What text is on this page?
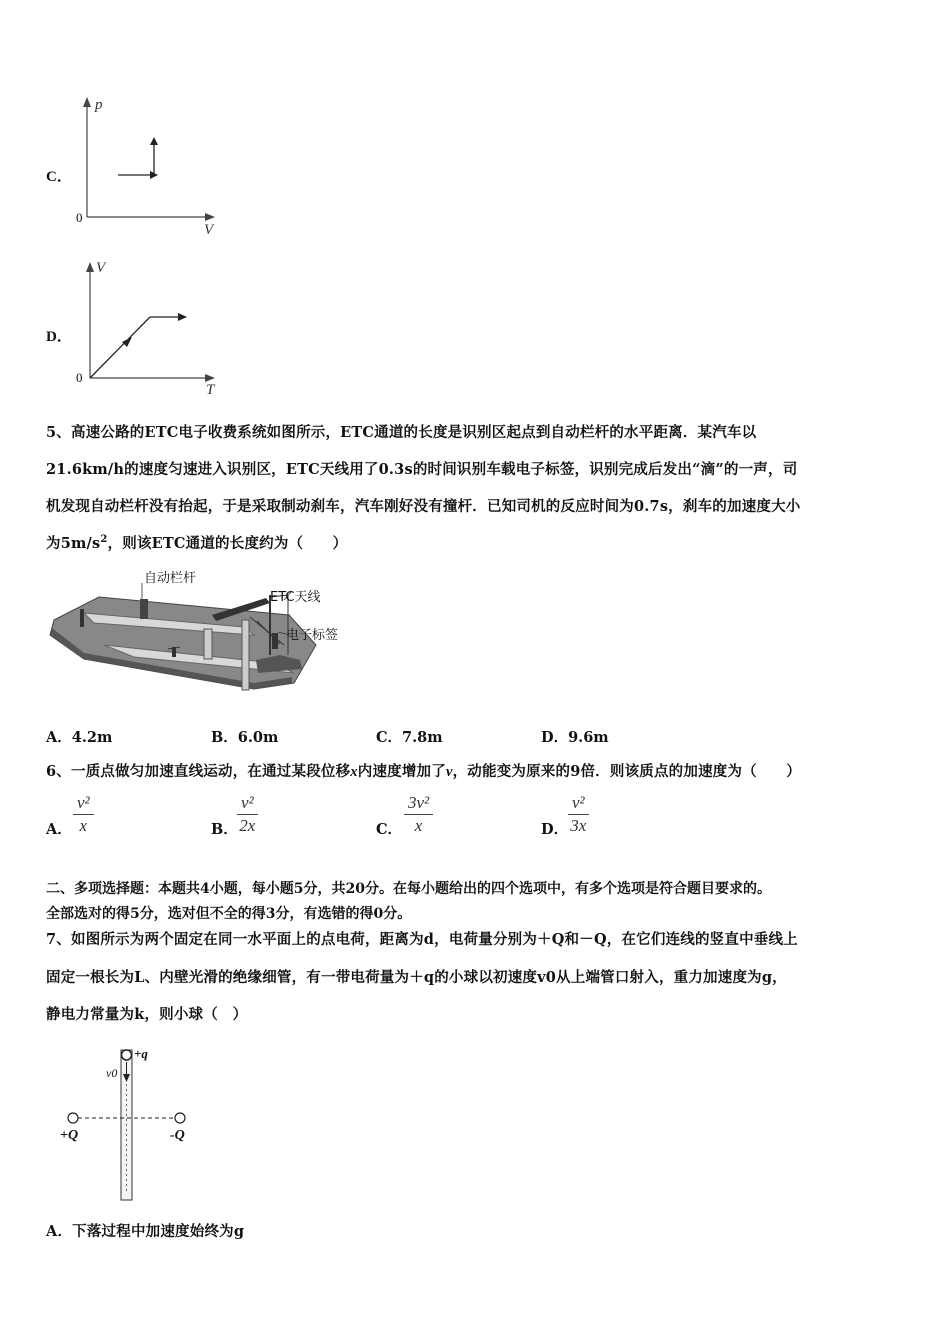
C．
p
V
0
D．
V
T
0
5、高速公路的ETC电子收费系统如图所示，ETC通道的长度是识别区起点到自动栏杆的水平距离．某汽车以
21.6km/h的速度匀速进入识别区，ETC天线用了0.3s的时间识别车载电子标签，识别完成后发出“滴”的一声，司
机发现自动栏杆没有抬起，于是采取制动刹车，汽车刚好没有撞杆．已知司机的反应时间为0.7s，刹车的加速度大小
为$5m/s^2$，则该ETC通道的长度约为（　　）
自动栏杆
ETC天线
电子标签
A．4.2m	B．6.0m	C．7.8m	D．9.6m
6、一质点做匀加速直线运动，在通过某段位移x内速度增加了v，动能变为原来的9倍．则该质点的加速度为（　　）
A．
v²
x	B．
v²
2x	C．
3v²
x	D．
v²
3x
二、多项选择题：本题共4小题，每小题5分，共20分。在每小题给出的四个选项中，有多个选项是符合题目要求的。
全部选对的得5分，选对但不全的得3分，有选错的得0分。
7、如图所示为两个固定在同一水平面上的点电荷，距离为d，电荷量分别为＋Q和－Q，在它们连线的竖直中垂线上
固定一根长为L、内壁光滑的绝缘细管，有一带电荷量为＋q的小球以初速度v0从上端管口射入，重力加速度为g，
静电力常量为k，则小球（　）
+q
v0
+Q	-Q
A．下落过程中加速度始终为g
